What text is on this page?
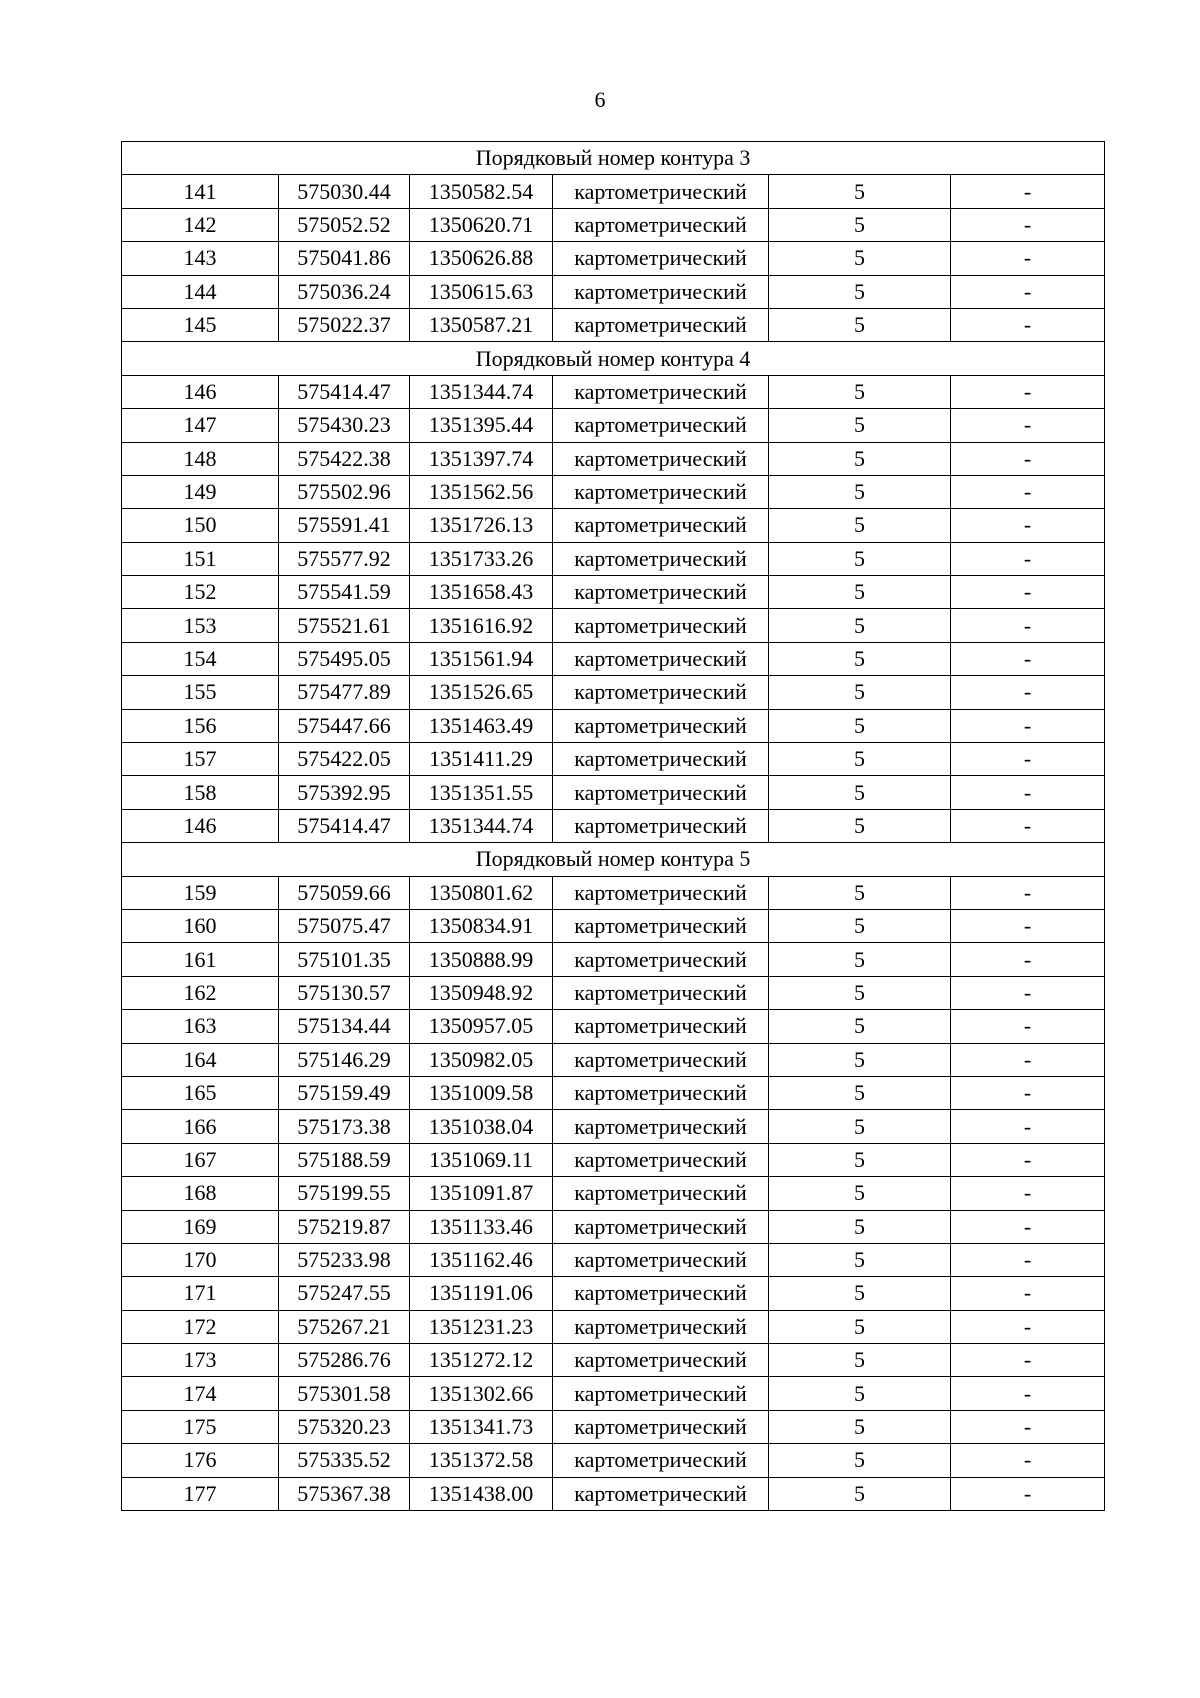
6
Порядковый номер контура 3					
141	575030.44	1350582.54	картометрический	5	-
142	575052.52	1350620.71	картометрический	5	-
143	575041.86	1350626.88	картометрический	5	-
144	575036.24	1350615.63	картометрический	5	-
145	575022.37	1350587.21	картометрический	5	-
Порядковый номер контура 4					
146	575414.47	1351344.74	картометрический	5	-
147	575430.23	1351395.44	картометрический	5	-
148	575422.38	1351397.74	картометрический	5	-
149	575502.96	1351562.56	картометрический	5	-
150	575591.41	1351726.13	картометрический	5	-
151	575577.92	1351733.26	картометрический	5	-
152	575541.59	1351658.43	картометрический	5	-
153	575521.61	1351616.92	картометрический	5	-
154	575495.05	1351561.94	картометрический	5	-
155	575477.89	1351526.65	картометрический	5	-
156	575447.66	1351463.49	картометрический	5	-
157	575422.05	1351411.29	картометрический	5	-
158	575392.95	1351351.55	картометрический	5	-
146	575414.47	1351344.74	картометрический	5	-
Порядковый номер контура 5					
159	575059.66	1350801.62	картометрический	5	-
160	575075.47	1350834.91	картометрический	5	-
161	575101.35	1350888.99	картометрический	5	-
162	575130.57	1350948.92	картометрический	5	-
163	575134.44	1350957.05	картометрический	5	-
164	575146.29	1350982.05	картометрический	5	-
165	575159.49	1351009.58	картометрический	5	-
166	575173.38	1351038.04	картометрический	5	-
167	575188.59	1351069.11	картометрический	5	-
168	575199.55	1351091.87	картометрический	5	-
169	575219.87	1351133.46	картометрический	5	-
170	575233.98	1351162.46	картометрический	5	-
171	575247.55	1351191.06	картометрический	5	-
172	575267.21	1351231.23	картометрический	5	-
173	575286.76	1351272.12	картометрический	5	-
174	575301.58	1351302.66	картометрический	5	-
175	575320.23	1351341.73	картометрический	5	-
176	575335.52	1351372.58	картометрический	5	-
177	575367.38	1351438.00	картометрический	5	-
